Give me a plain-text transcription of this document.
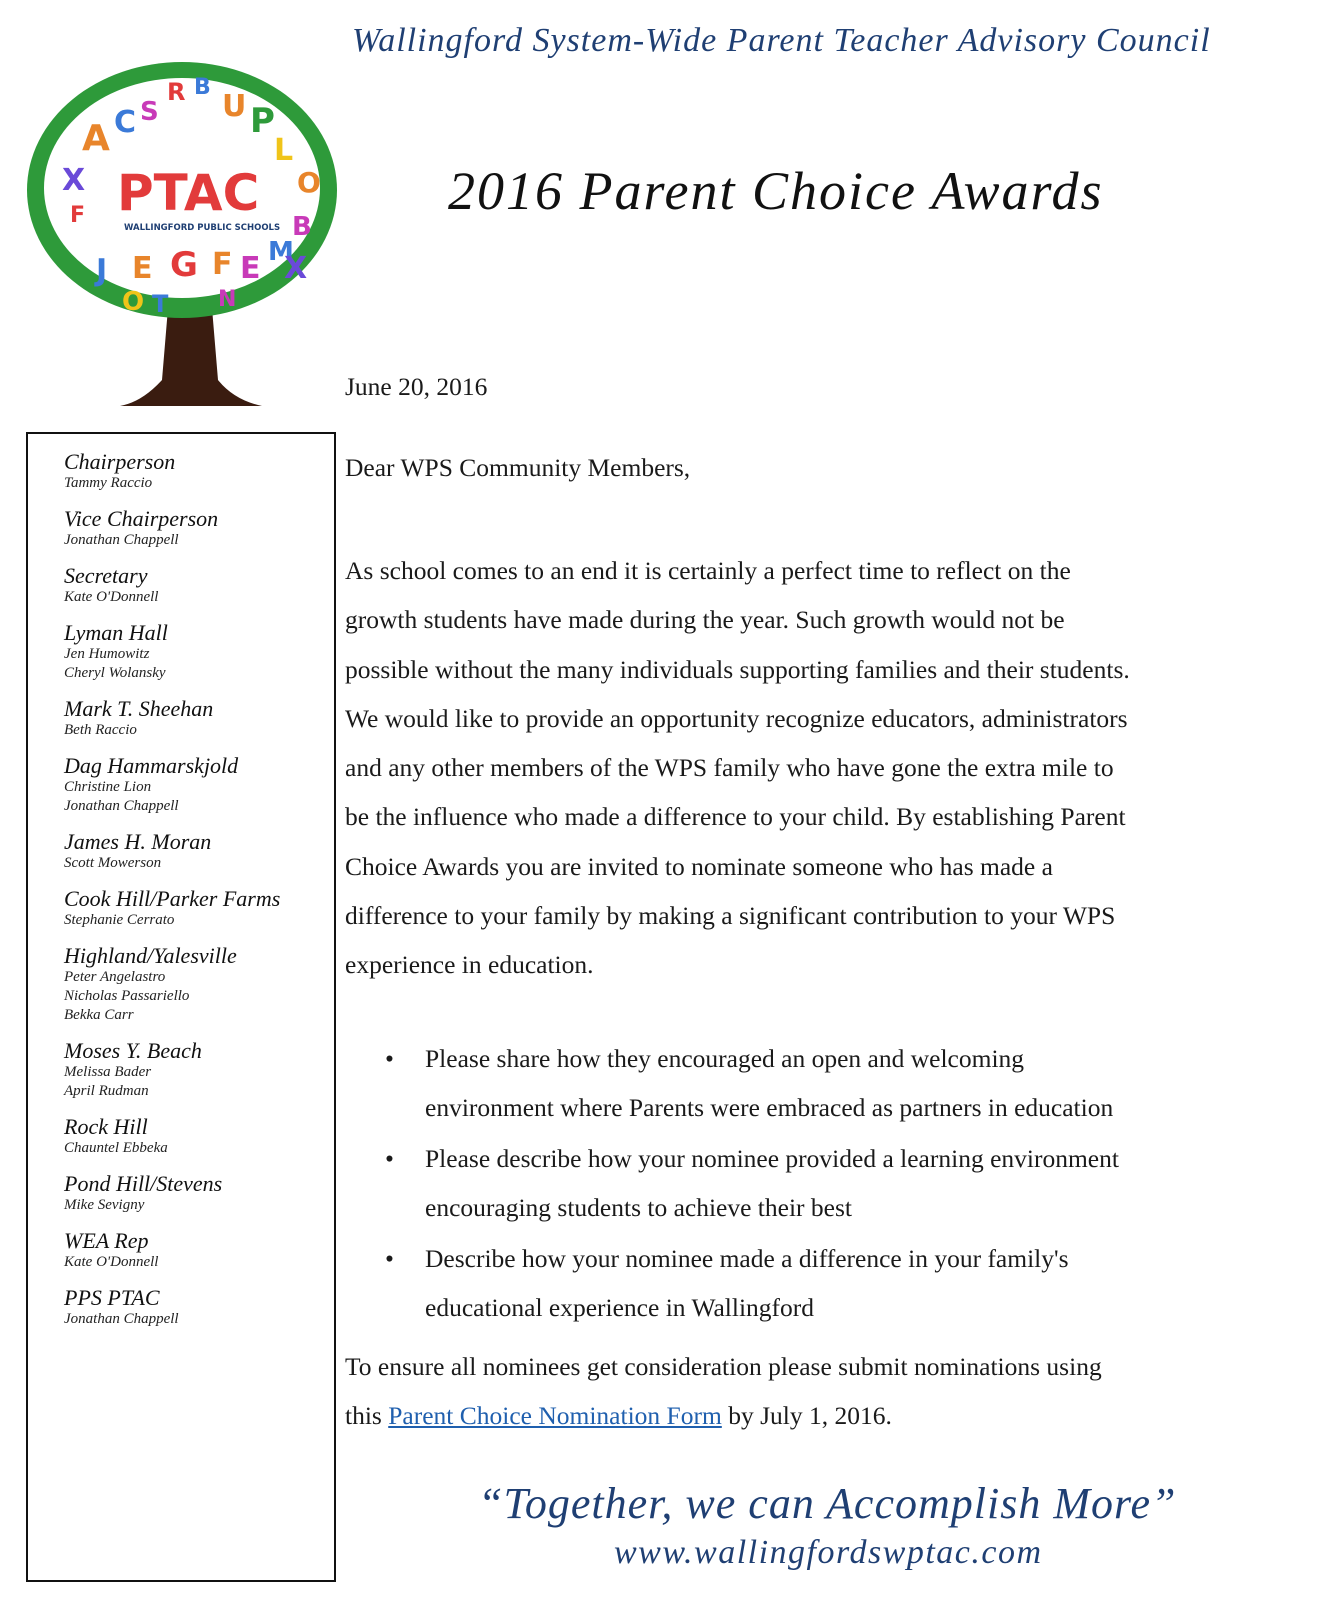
Wallingford System-Wide Parent Teacher Advisory Council
2016 Parent Choice Awards
A C S
R B
U P
L
O
X
F	B
J E G F E M
X
O T N
PTAC
WALLINGFORD PUBLIC SCHOOLS
Chairperson
Tammy Raccio
Vice Chairperson
Jonathan Chappell
Secretary
Kate O'Donnell
Lyman Hall
Jen Humowitz
Cheryl Wolansky
Mark T. Sheehan
Beth Raccio
Dag Hammarskjold
Christine Lion
Jonathan Chappell
James H. Moran
Scott Mowerson
Cook Hill/Parker Farms
Stephanie Cerrato
Highland/Yalesville
Peter Angelastro
Nicholas Passariello
Bekka Carr
Moses Y. Beach
Melissa Bader
April Rudman
Rock Hill
Chauntel Ebbeka
Pond Hill/Stevens
Mike Sevigny
WEA Rep
Kate O'Donnell
PPS PTAC
Jonathan Chappell
June 20, 2016
Dear WPS Community Members,
As school comes to an end it is certainly a perfect time to reflect on the
growth students have made during the year. Such growth would not be
possible without the many individuals supporting families and their students.
We would like to provide an opportunity recognize educators, administrators
and any other members of the WPS family who have gone the extra mile to
be the influence who made a difference to your child. By establishing Parent
Choice Awards you are invited to nominate someone who has made a
difference to your family by making a significant contribution to your WPS
experience in education.
• Please share how they encouraged an open and welcoming
environment where Parents were embraced as partners in education
• Please describe how your nominee provided a learning environment
encouraging students to achieve their best
• Describe how your nominee made a difference in your family's
educational experience in Wallingford
To ensure all nominees get consideration please submit nominations using
this Parent Choice Nomination Form by July 1, 2016.
“Together, we can Accomplish More”
www.wallingfordswptac.com
